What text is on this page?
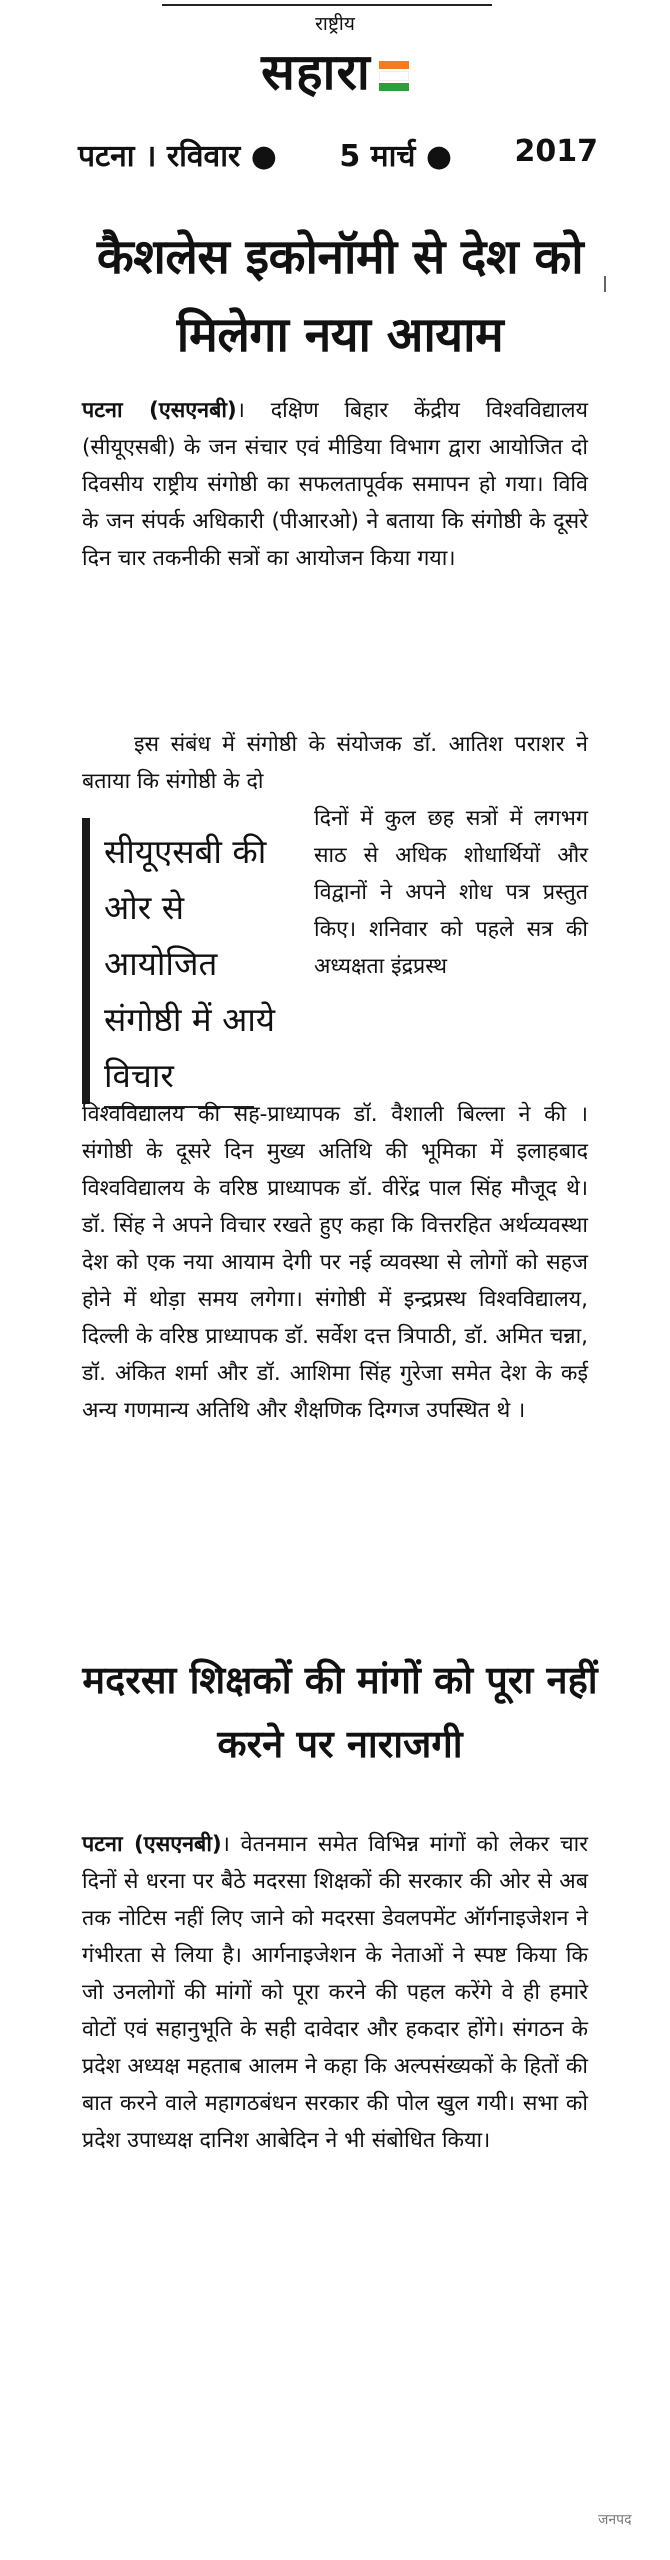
राष्ट्रीय
सहारा
पटना । रविवार ● 5 मार्च ● 2017
कैशलेस इकोनॉमी से देश को मिलेगा नया आयाम
पटना (एसएनबी)। दक्षिण बिहार केंद्रीय विश्वविद्यालय (सीयूएसबी) के जन संचार एवं मीडिया विभाग द्वारा आयोजित दो दिवसीय राष्ट्रीय संगोष्ठी का सफलतापूर्वक समापन हो गया। विवि के जन संपर्क अधिकारी (पीआरओ) ने बताया कि संगोष्ठी के दूसरे दिन चार तकनीकी सत्रों का आयोजन किया गया।
इस संबंध में संगोष्ठी के संयोजक डॉ. आतिश पराशर ने बताया कि संगोष्ठी के दो
सीयूएसबी की ओर से आयोजित संगोष्ठी में आये विचार
दिनों में कुल छह सत्रों में लगभग साठ से अधिक शोधार्थियों और विद्वानों ने अपने शोध पत्र प्रस्तुत किए। शनिवार को पहले सत्र की अध्यक्षता इंद्रप्रस्थ
विश्वविद्यालय की सह-प्राध्यापक डॉ. वैशाली बिल्ला ने की । संगोष्ठी के दूसरे दिन मुख्य अतिथि की भूमिका में इलाहबाद विश्वविद्यालय के वरिष्ठ प्राध्यापक डॉ. वीरेंद्र पाल सिंह मौजूद थे। डॉ. सिंह ने अपने विचार रखते हुए कहा कि वित्तरहित अर्थव्यवस्था देश को एक नया आयाम देगी पर नई व्यवस्था से लोगों को सहज होने में थोड़ा समय लगेगा। संगोष्ठी में इन्द्रप्रस्थ विश्वविद्यालय, दिल्ली के वरिष्ठ प्राध्यापक डॉ. सर्वेश दत्त त्रिपाठी, डॉ. अमित चन्ना, डॉ. अंकित शर्मा और डॉ. आशिमा सिंह गुरेजा समेत देश के कई अन्य गणमान्य अतिथि और शैक्षणिक दिग्गज उपस्थित थे ।
मदरसा शिक्षकों की मांगों को पूरा नहीं करने पर नाराजगी
पटना (एसएनबी)। वेतनमान समेत विभिन्न मांगों को लेकर चार दिनों से धरना पर बैठे मदरसा शिक्षकों की सरकार की ओर से अब तक नोटिस नहीं लिए जाने को मदरसा डेवलपमेंट ऑर्गनाइजेशन ने गंभीरता से लिया है। आर्गनाइजेशन के नेताओं ने स्पष्ट किया कि जो उनलोगों की मांगों को पूरा करने की पहल करेंगे वे ही हमारे वोटों एवं सहानुभूति के सही दावेदार और हकदार होंगे। संगठन के प्रदेश अध्यक्ष महताब आलम ने कहा कि अल्पसंख्यकों के हितों की बात करने वाले महागठबंधन सरकार की पोल खुल गयी। सभा को प्रदेश उपाध्यक्ष दानिश आबेदिन ने भी संबोधित किया।
जनपद
